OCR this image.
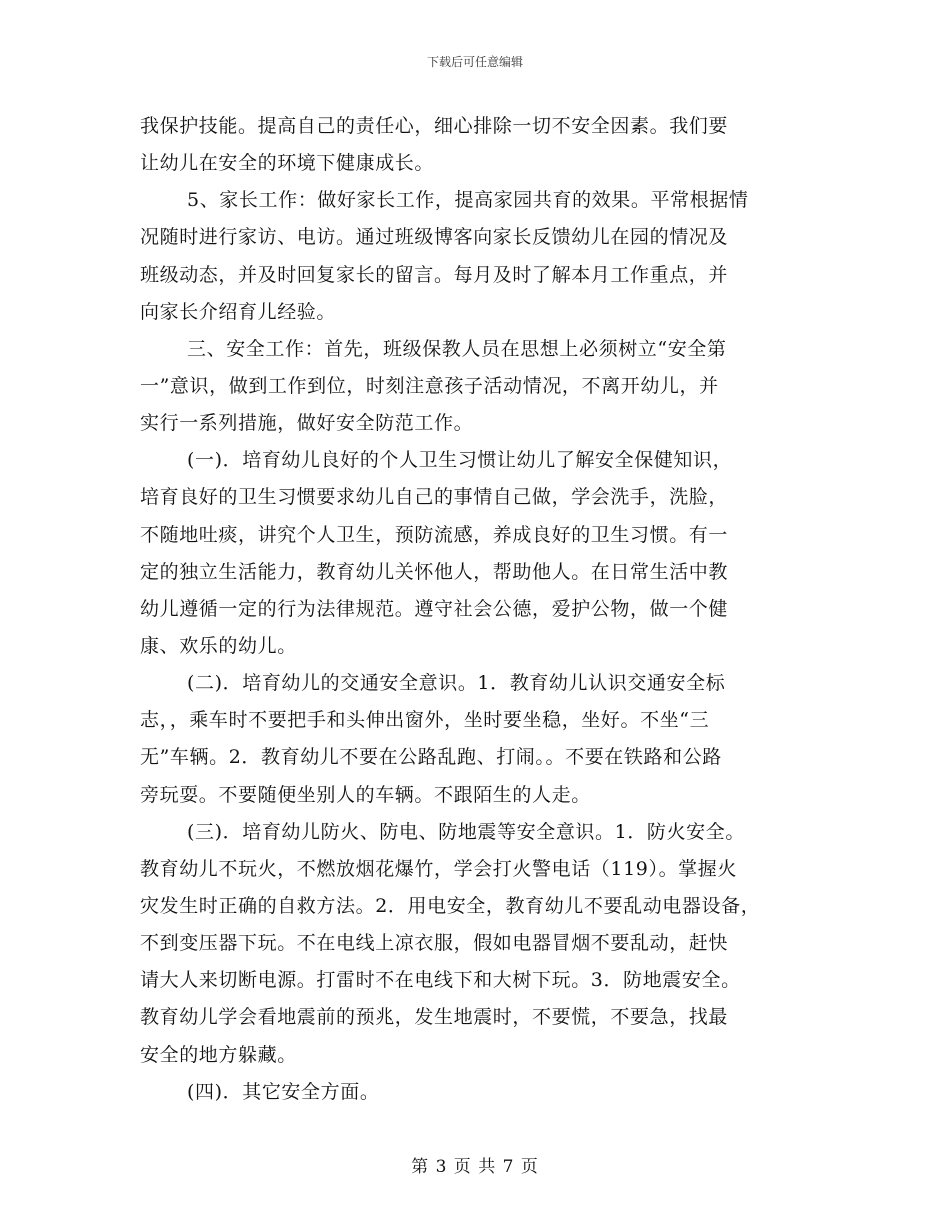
下载后可任意编辑
我保护技能。提高自己的责任心，细心排除一切不安全因素。我们要
让幼儿在安全的环境下健康成长。
5、家长工作：做好家长工作，提高家园共育的效果。平常根据情
况随时进行家访、电访。通过班级博客向家长反馈幼儿在园的情况及
班级动态，并及时回复家长的留言。每月及时了解本月工作重点，并
向家长介绍育儿经验。
三、安全工作：首先，班级保教人员在思想上必须树立“安全第
一”意识，做到工作到位，时刻注意孩子活动情况，不离开幼儿，并
实行一系列措施，做好安全防范工作。
(一)．培育幼儿良好的个人卫生习惯让幼儿了解安全保健知识，
培育良好的卫生习惯要求幼儿自己的事情自己做，学会洗手，洗脸，
不随地吐痰，讲究个人卫生，预防流感，养成良好的卫生习惯。有一
定的独立生活能力，教育幼儿关怀他人，帮助他人。在日常生活中教
幼儿遵循一定的行为法律规范。遵守社会公德，爱护公物，做一个健
康、欢乐的幼儿。
(二)．培育幼儿的交通安全意识。1．教育幼儿认识交通安全标
志，，乘车时不要把手和头伸出窗外，坐时要坐稳，坐好。不坐“三
无”车辆。2．教育幼儿不要在公路乱跑、打闹。。不要在铁路和公路
旁玩耍。不要随便坐别人的车辆。不跟陌生的人走。
(三)．培育幼儿防火、防电、防地震等安全意识。1．防火安全。
教育幼儿不玩火，不燃放烟花爆竹，学会打火警电话（119）。掌握火
灾发生时正确的自救方法。2．用电安全，教育幼儿不要乱动电器设备，
不到变压器下玩。不在电线上凉衣服，假如电器冒烟不要乱动，赶快
请大人来切断电源。打雷时不在电线下和大树下玩。3．防地震安全。
教育幼儿学会看地震前的预兆，发生地震时，不要慌，不要急，找最
安全的地方躲藏。
(四)．其它安全方面。
第 3 页 共 7 页
